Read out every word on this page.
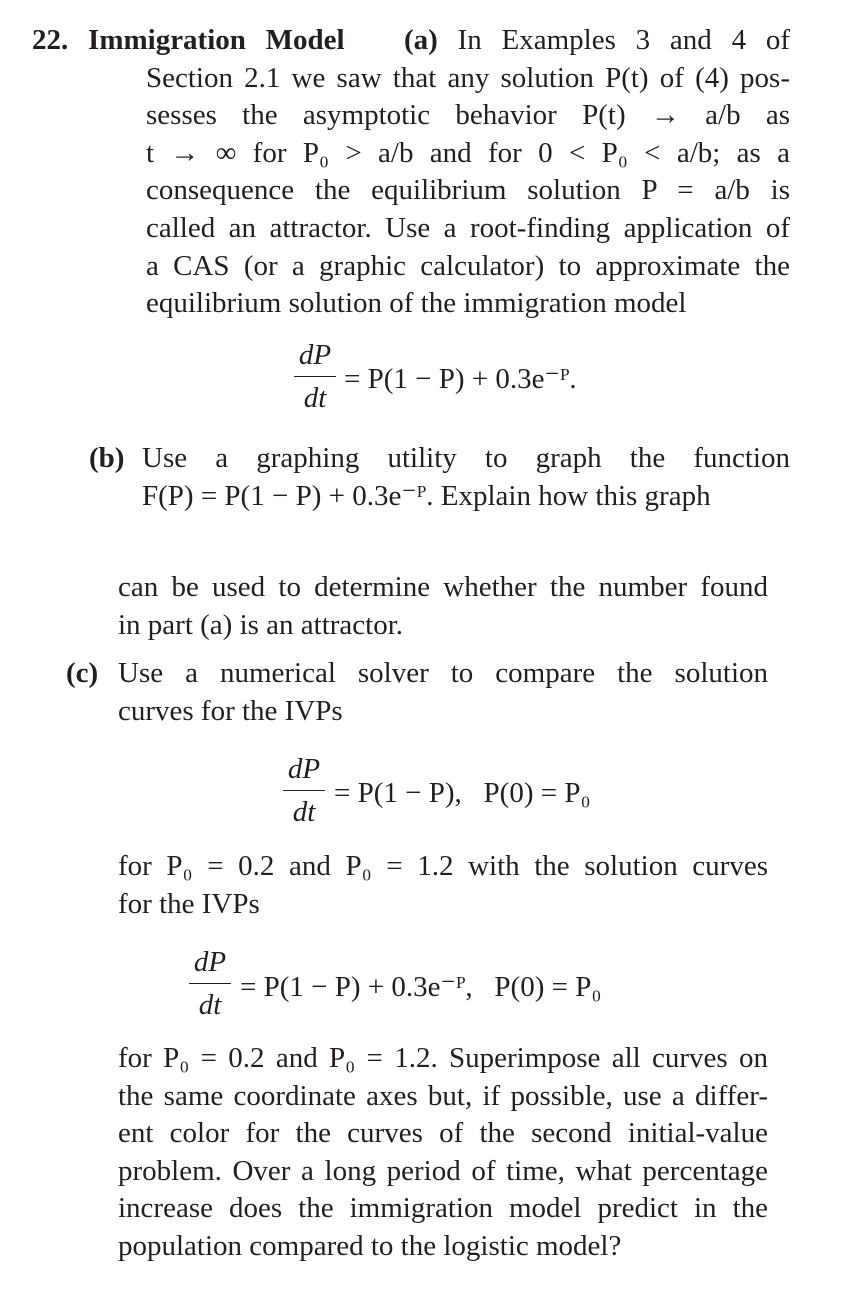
22. Immigration Model (a) In Examples 3 and 4 of
Section 2.1 we saw that any solution P(t) of (4) pos-
sesses the asymptotic behavior P(t) → a/b as
t → ∞ for P₀ > a/b and for 0 < P₀ < a/b; as a
consequence the equilibrium solution P = a/b is
called an attractor. Use a root-finding application of
a CAS (or a graphic calculator) to approximate the
equilibrium solution of the immigration model
dP
dt
= P(1 − P) + 0.3e⁻ᴾ.
(b) Use a graphing utility to graph the function
F(P) = P(1 − P) + 0.3e⁻ᴾ. Explain how this graph
can be used to determine whether the number found
in part (a) is an attractor.
(c) Use a numerical solver to compare the solution
curves for the IVPs
dP
dt
= P(1 − P),   P(0) = P₀
for P₀ = 0.2 and P₀ = 1.2 with the solution curves
for the IVPs
dP
dt
= P(1 − P) + 0.3e⁻ᴾ,   P(0) = P₀
for P₀ = 0.2 and P₀ = 1.2. Superimpose all curves on
the same coordinate axes but, if possible, use a differ-
ent color for the curves of the second initial-value
problem. Over a long period of time, what percentage
increase does the immigration model predict in the
population compared to the logistic model?
